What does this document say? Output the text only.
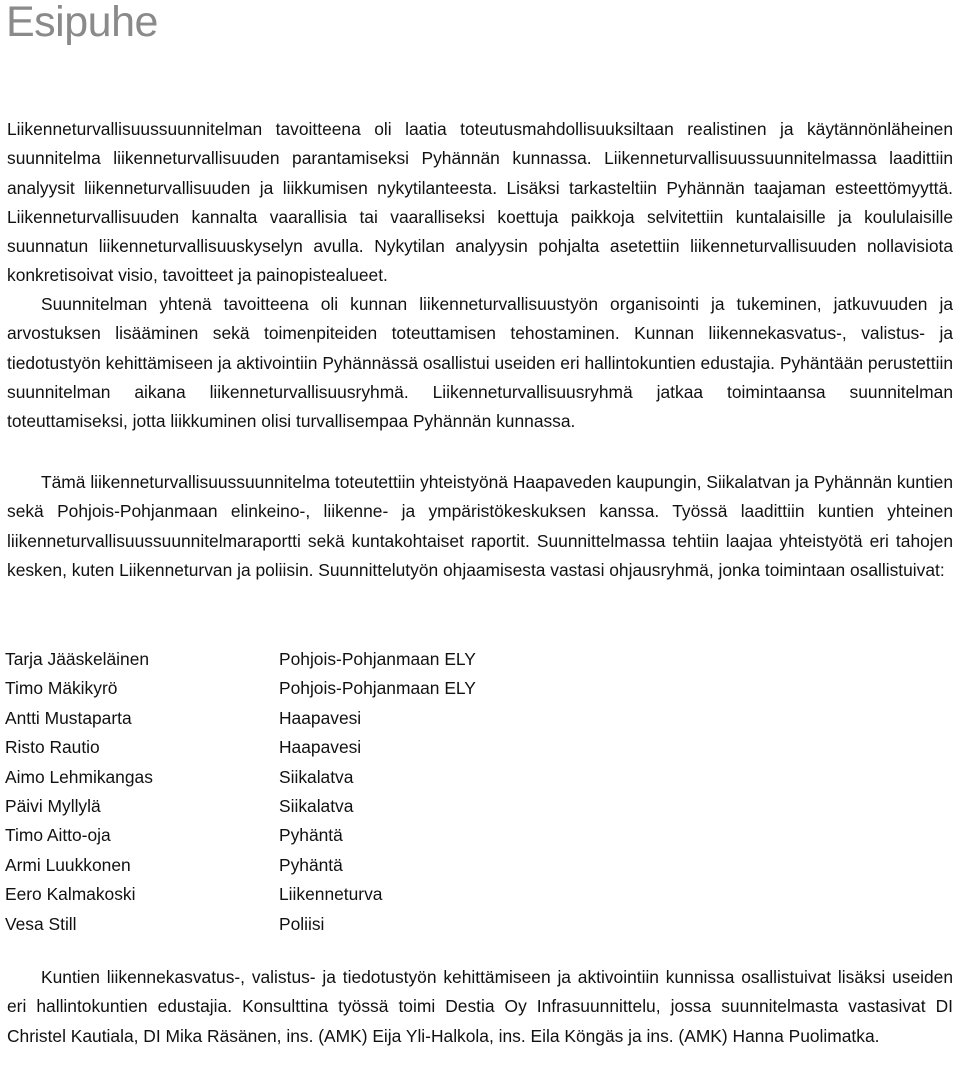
Esipuhe

Liikenneturvallisuussuunnitelman tavoitteena oli laatia toteutusmahdollisuuksiltaan realistinen ja käytännönläheinen suunnitelma liikenneturvallisuuden parantamiseksi Pyhännän kunnassa. Liikenneturvallisuussuunnitelmassa laadittiin analyysit liikenneturvallisuuden ja liikkumisen nykytilanteesta. Lisäksi tarkasteltiin Pyhännän taajaman esteettömyyttä. Liikenneturvallisuuden kannalta vaarallisia tai vaaralliseksi koettuja paikkoja selvitettiin kuntalaisille ja koululaisille suunnatun liikenneturvallisuuskyselyn avulla. Nykytilan analyysin pohjalta asetettiin liikenneturvallisuuden nollavisiota konkretisoivat visio, tavoitteet ja painopistealueet.

Suunnitelman yhtenä tavoitteena oli kunnan liikenneturvallisuustyön organisointi ja tukeminen, jatkuvuuden ja arvostuksen lisääminen sekä toimenpiteiden toteuttamisen tehostaminen. Kunnan liikennekasvatus-, valistus- ja tiedotustyön kehittämiseen ja aktivointiin Pyhännässä osallistui useiden eri hallintokuntien edustajia. Pyhäntään perustettiin suunnitelman aikana liikenneturvallisuusryhmä. Liikenneturvallisuusryhmä jatkaa toimintaansa suunnitelman toteuttamiseksi, jotta liikkuminen olisi turvallisempaa Pyhännän kunnassa.

Tämä liikenneturvallisuussuunnitelma toteutettiin yhteistyönä Haapaveden kaupungin, Siikalatvan ja Pyhännän kuntien sekä Pohjois-Pohjanmaan elinkeino-, liikenne- ja ympäristökeskuksen kanssa. Työssä laadittiin kuntien yhteinen liikenneturvallisuussuunnitelmaraportti sekä kuntakohtaiset raportit. Suunnittelmassa tehtiin laajaa yhteistyötä eri tahojen kesken, kuten Liikenneturvan ja poliisin. Suunnittelutyön ohjaamisesta vastasi ohjausryhmä, jonka toimintaan osallistuivat:

Tarja Jääskeläinen	Pohjois-Pohjanmaan ELY
Timo Mäkikyrö	Pohjois-Pohjanmaan ELY
Antti Mustaparta	Haapavesi
Risto Rautio	Haapavesi
Aimo Lehmikangas	Siikalatva
Päivi Myllylä	Siikalatva
Timo Aitto-oja	Pyhäntä
Armi Luukkonen	Pyhäntä
Eero Kalmakoski	Liikenneturva
Vesa Still	Poliisi

Kuntien liikennekasvatus-, valistus- ja tiedotustyön kehittämiseen ja aktivointiin kunnissa osallistuivat lisäksi useiden eri hallintokuntien edustajia. Konsulttina työssä toimi Destia Oy Infrasuunnittelu, jossa suunnitelmasta vastasivat DI Christel Kautiala, DI Mika Räsänen, ins. (AMK) Eija Yli-Halkola, ins. Eila Köngäs ja ins. (AMK) Hanna Puolimatka.
